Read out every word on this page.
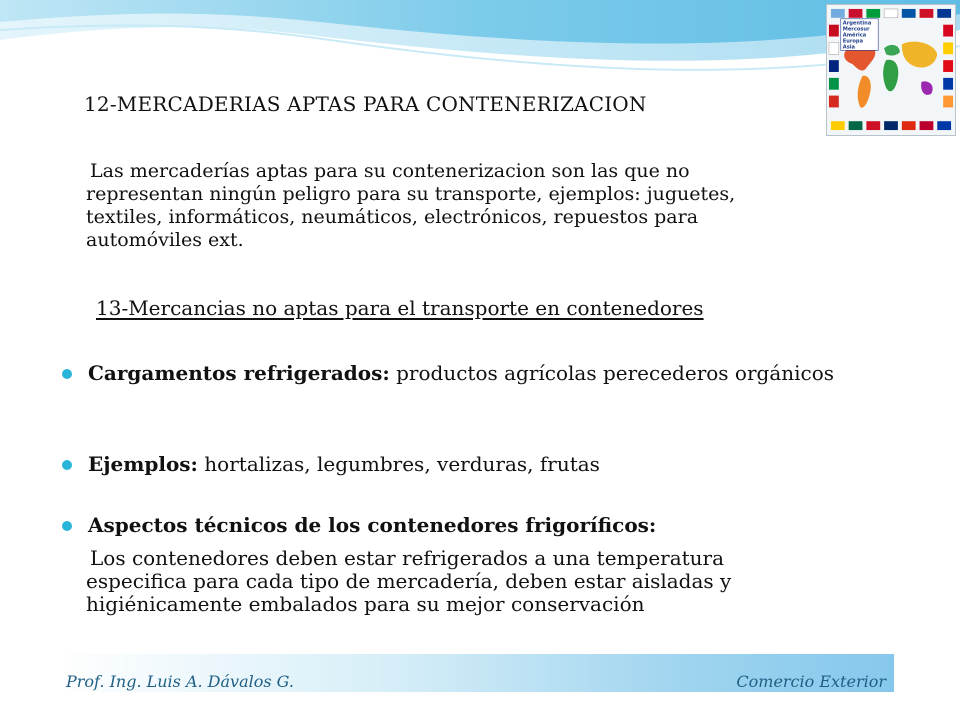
Argentina
Mercosur
América
Europa
Asia
12-MERCADERIAS APTAS PARA CONTENERIZACION
Las mercaderías aptas para su contenerizacion son las que no
representan ningún peligro para su transporte, ejemplos: juguetes,
textiles, informáticos, neumáticos, electrónicos, repuestos para
automóviles ext.
13-Mercancias no aptas para el transporte en contenedores
Cargamentos refrigerados: productos agrícolas perecederos orgánicos
Ejemplos: hortalizas, legumbres, verduras, frutas
Aspectos técnicos de los contenedores frigoríficos:
Los contenedores deben estar refrigerados a una temperatura
especifica para cada tipo de mercadería, deben estar aisladas y
higiénicamente embalados para su mejor conservación
Prof. Ing. Luis A. Dávalos G.	Comercio Exterior
